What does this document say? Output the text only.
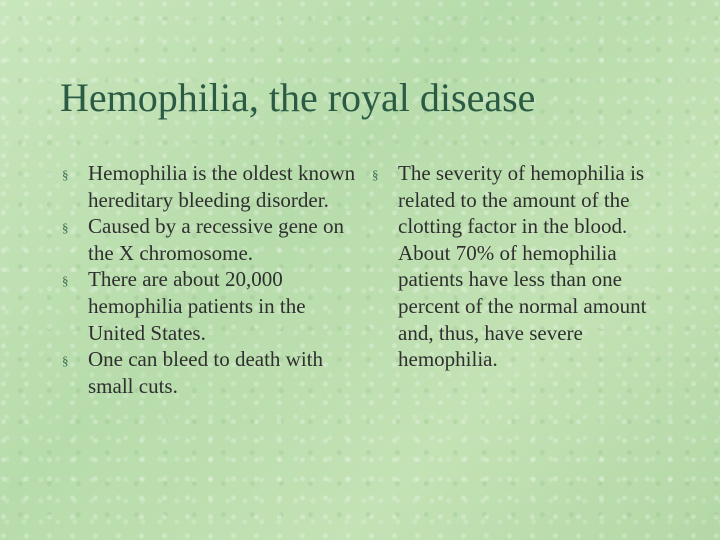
Hemophilia, the royal disease
§ Hemophilia is the oldest known hereditary bleeding disorder.
§ Caused by a recessive gene on the X chromosome.
§ There are about 20,000 hemophilia patients in the United States.
§ One can bleed to death with small cuts.
§ The severity of hemophilia is related to the amount of the clotting factor in the blood. About 70% of hemophilia patients have less than one percent of the normal amount and, thus, have severe hemophilia.
